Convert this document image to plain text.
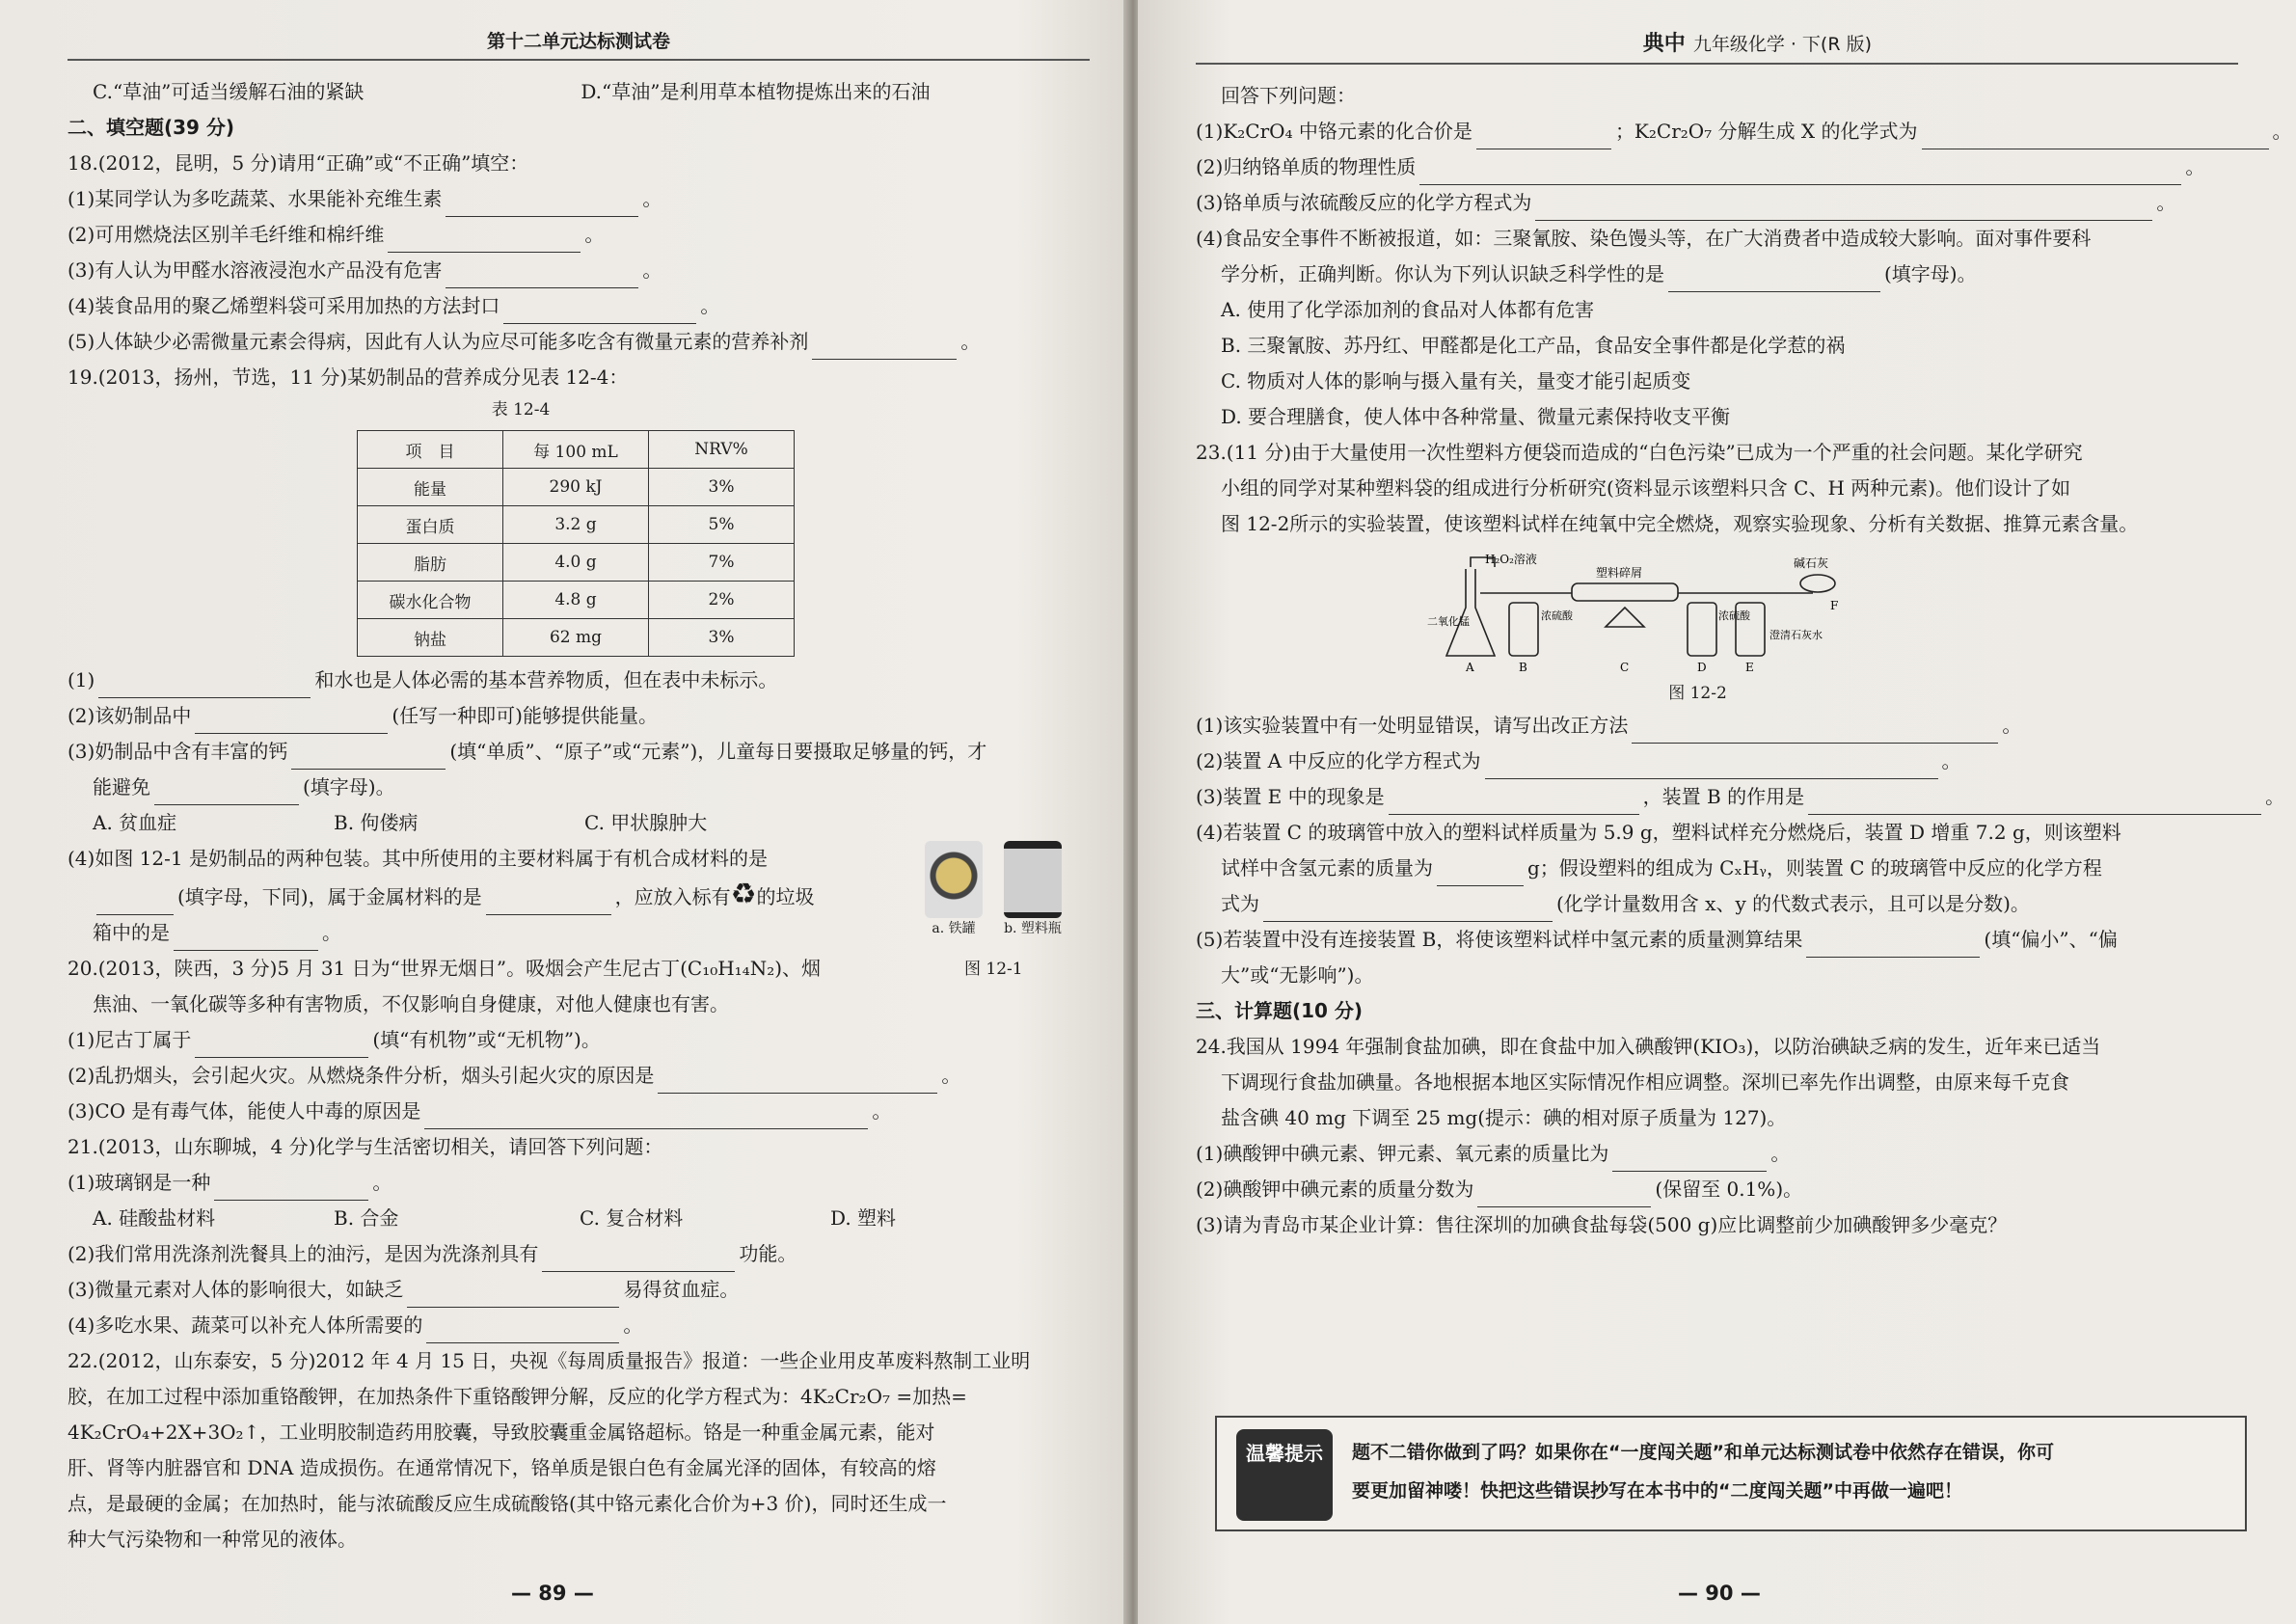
第十二单元达标测试卷
C.“草油”可适当缓解石油的紧缺	D.“草油”是利用草本植物提炼出来的石油
二、填空题(39 分)
18.(2012，昆明，5 分)请用“正确”或“不正确”填空：
(1)某同学认为多吃蔬菜、水果能补充维生素	。
(2)可用燃烧法区别羊毛纤维和棉纤维	。
(3)有人认为甲醛水溶液浸泡水产品没有危害	。
(4)装食品用的聚乙烯塑料袋可采用加热的方法封口	。
(5)人体缺少必需微量元素会得病，因此有人认为应尽可能多吃含有微量元素的营养补剂	。
19.(2013，扬州，节选，11 分)某奶制品的营养成分见表 12-4：
表 12-4
项　目	每 100 mL	NRV%
能量	290 kJ	3%
蛋白质	3.2 g	5%
脂肪	4.0 g	7%
碳水化合物	4.8 g	2%
钠盐	62 mg	3%
(1)	和水也是人体必需的基本营养物质，但在表中未标示。
(2)该奶制品中	(任写一种即可)能够提供能量。
(3)奶制品中含有丰富的钙	(填“单质”、“原子”或“元素”)，儿童每日要摄取足够量的钙，才
能避免	(填字母)。
A. 贫血症	B. 佝偻病	C. 甲状腺肿大
(4)如图 12-1 是奶制品的两种包装。其中所使用的主要材料属于有机合成材料的是
(填字母，下同)，属于金属材料的是	，应放入标有♻的垃圾
箱中的是	。	a. 铁罐	b. 塑料瓶
图 12-1
20.(2013，陕西，3 分)5 月 31 日为“世界无烟日”。吸烟会产生尼古丁(C₁₀H₁₄N₂)、烟
焦油、一氧化碳等多种有害物质，不仅影响自身健康，对他人健康也有害。
(1)尼古丁属于	(填“有机物”或“无机物”)。
(2)乱扔烟头，会引起火灾。从燃烧条件分析，烟头引起火灾的原因是	。
(3)CO 是有毒气体，能使人中毒的原因是	。
21.(2013，山东聊城，4 分)化学与生活密切相关，请回答下列问题：
(1)玻璃钢是一种	。
A. 硅酸盐材料	B. 合金	C. 复合材料	D. 塑料
(2)我们常用洗涤剂洗餐具上的油污，是因为洗涤剂具有	功能。
(3)微量元素对人体的影响很大，如缺乏	易得贫血症。
(4)多吃水果、蔬菜可以补充人体所需要的	。
22.(2012，山东泰安，5 分)2012 年 4 月 15 日，央视《每周质量报告》报道：一些企业用皮革废料熬制工业明
胶，在加工过程中添加重铬酸钾，在加热条件下重铬酸钾分解，反应的化学方程式为：4K₂Cr₂O₇ =加热=
4K₂CrO₄+2X+3O₂↑，工业明胶制造药用胶囊，导致胶囊重金属铬超标。铬是一种重金属元素，能对
肝、肾等内脏器官和 DNA 造成损伤。在通常情况下，铬单质是银白色有金属光泽的固体，有较高的熔
点，是最硬的金属；在加热时，能与浓硫酸反应生成硫酸铬(其中铬元素化合价为+3 价)，同时还生成一
种大气污染物和一种常见的液体。
— 89 —
典中 九年级化学 · 下(R 版)
回答下列问题：
(1)K₂CrO₄ 中铬元素的化合价是	；K₂Cr₂O₇ 分解生成 X 的化学式为	。
(2)归纳铬单质的物理性质	。
(3)铬单质与浓硫酸反应的化学方程式为	。
(4)食品安全事件不断被报道，如：三聚氰胺、染色馒头等，在广大消费者中造成较大影响。面对事件要科
学分析，正确判断。你认为下列认识缺乏科学性的是	(填字母)。
A. 使用了化学添加剂的食品对人体都有危害
B. 三聚氰胺、苏丹红、甲醛都是化工产品，食品安全事件都是化学惹的祸
C. 物质对人体的影响与摄入量有关，量变才能引起质变
D. 要合理膳食，使人体中各种常量、微量元素保持收支平衡
23.(11 分)由于大量使用一次性塑料方便袋而造成的“白色污染”已成为一个严重的社会问题。某化学研究
小组的同学对某种塑料袋的组成进行分析研究(资料显示该塑料只含 C、H 两种元素)。他们设计了如
图 12-2所示的实验装置，使该塑料试样在纯氧中完全燃烧，观察实验现象、分析有关数据、推算元素含量。
H₂O₂溶液
塑料碎屑
碱石灰
二氧化锰	浓硫酸	浓硫酸
澄清石灰水
A	B	C	D	E
F
图 12-2
(1)该实验装置中有一处明显错误，请写出改正方法	。
(2)装置 A 中反应的化学方程式为	。
(3)装置 E 中的现象是	，装置 B 的作用是	。
(4)若装置 C 的玻璃管中放入的塑料试样质量为 5.9 g，塑料试样充分燃烧后，装置 D 增重 7.2 g，则该塑料
试样中含氢元素的质量为	g；假设塑料的组成为 CₓHᵧ，则装置 C 的玻璃管中反应的化学方程
式为	(化学计量数用含 x、y 的代数式表示，且可以是分数)。
(5)若装置中没有连接装置 B，将使该塑料试样中氢元素的质量测算结果	(填“偏小”、“偏
大”或“无影响”)。
三、计算题(10 分)
24.我国从 1994 年强制食盐加碘，即在食盐中加入碘酸钾(KIO₃)，以防治碘缺乏病的发生，近年来已适当
下调现行食盐加碘量。各地根据本地区实际情况作相应调整。深圳已率先作出调整，由原来每千克食
盐含碘 40 mg 下调至 25 mg(提示：碘的相对原子质量为 127)。
(1)碘酸钾中碘元素、钾元素、氧元素的质量比为	。
(2)碘酸钾中碘元素的质量分数为	(保留至 0.1%)。
(3)请为青岛市某企业计算：售往深圳的加碘食盐每袋(500 g)应比调整前少加碘酸钾多少毫克？
— 90 —
温馨提示	题不二错你做到了吗？如果你在“一度闯关题”和单元达标测试卷中依然存在错误，你可
要更加留神喽！快把这些错误抄写在本书中的“二度闯关题”中再做一遍吧！
